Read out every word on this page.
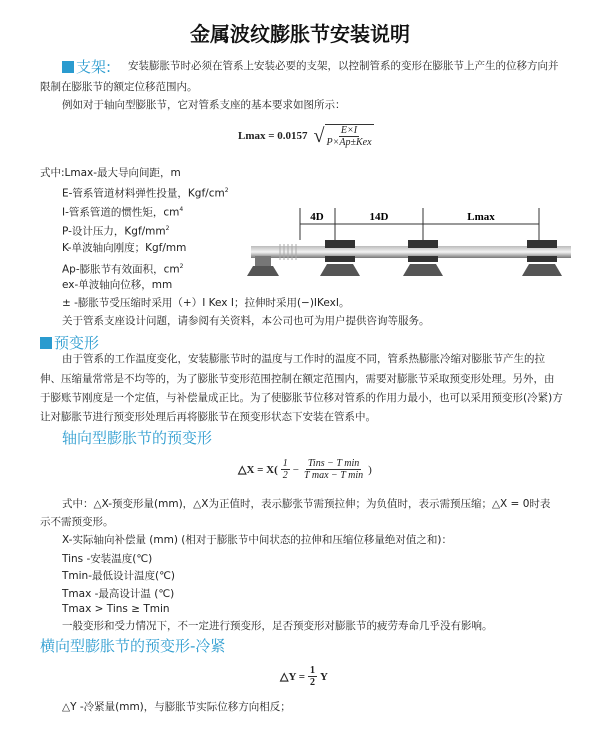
金属波纹膨胀节安装说明
支架: 安装膨胀节时必须在管系上安装必要的支架，以控制管系的变形在膨胀节上产生的位移方向并
限制在膨胀节的额定位移范围内。
例如对于轴向型膨胀节，它对管系支座的基本要求如图所示：
Lmax = 0.0157 √ $\frac{E\times I}{\text{P×Ap±Kex}}$
式中:Lmax-最大导向间距，m
E-管系管道材料弹性投量，Kgf/$cm^2$
I-管系管道的惯性矩，$cm^4$
P-设计压力，Kgf/$mm^2$
K-单波轴向刚度；Kgf/mm
Ap-膨胀节有效面积，$cm^2$
ex-单波轴向位移，mm
± -膨胀节受压缩时采用（+）I Kex I；拉伸时采用(−)IKexI。
关于管系支座设计问题，请参阅有关资料，本公司也可为用户提供咨询等服务。
4D	14D	Lmax
预变形
由于管系的工作温度变化，安装膨胀节时的温度与工作时的温度不同，管系热膨胀冷缩对膨胀节产生的拉
伸、压缩量常常是不均等的，为了膨胀节变形范围控制在额定范围内，需要对膨胀节采取预变形处理。另外，由
于膨账节刚度是一个定值，与补偿量成正比。为了使膨胀节位移对管系的作用力最小，也可以采用预变形(冷紧)方
让对膨胀节进行预变形处理后再将膨胀节在预变形状态下安装在管系中。
轴向型膨胀节的预变形
△X = $X( \frac{1}{2} - \frac{\text{Tins − T min}}{\text{T max − T min}}$ )
式中：△X-预变形量(mm)，△X为正值时，表示膨张节需预拉伸；为负值时，表示需预压缩；△X = 0时表
示不需预变形。
X-实际轴向补偿量 (mm) (相对于膨胀节中间状态的拉伸和压缩位移量绝对值之和)：
Tins -安装温度(℃)
Tmin-最低设计温度(℃)
Tmax -最高设计温 (℃)
Tmax > Tins ≥ Tmin
一般变形和受力情况下，不一定进行预变形，足否预变形对膨胀节的疲劳寿命几乎没有影响。
横向型膨胀节的预变形-冷紧
△Y = $\frac{1}{2}$ Y
△Y -冷紧量(mm)，与膨胀节实际位移方向相反；
